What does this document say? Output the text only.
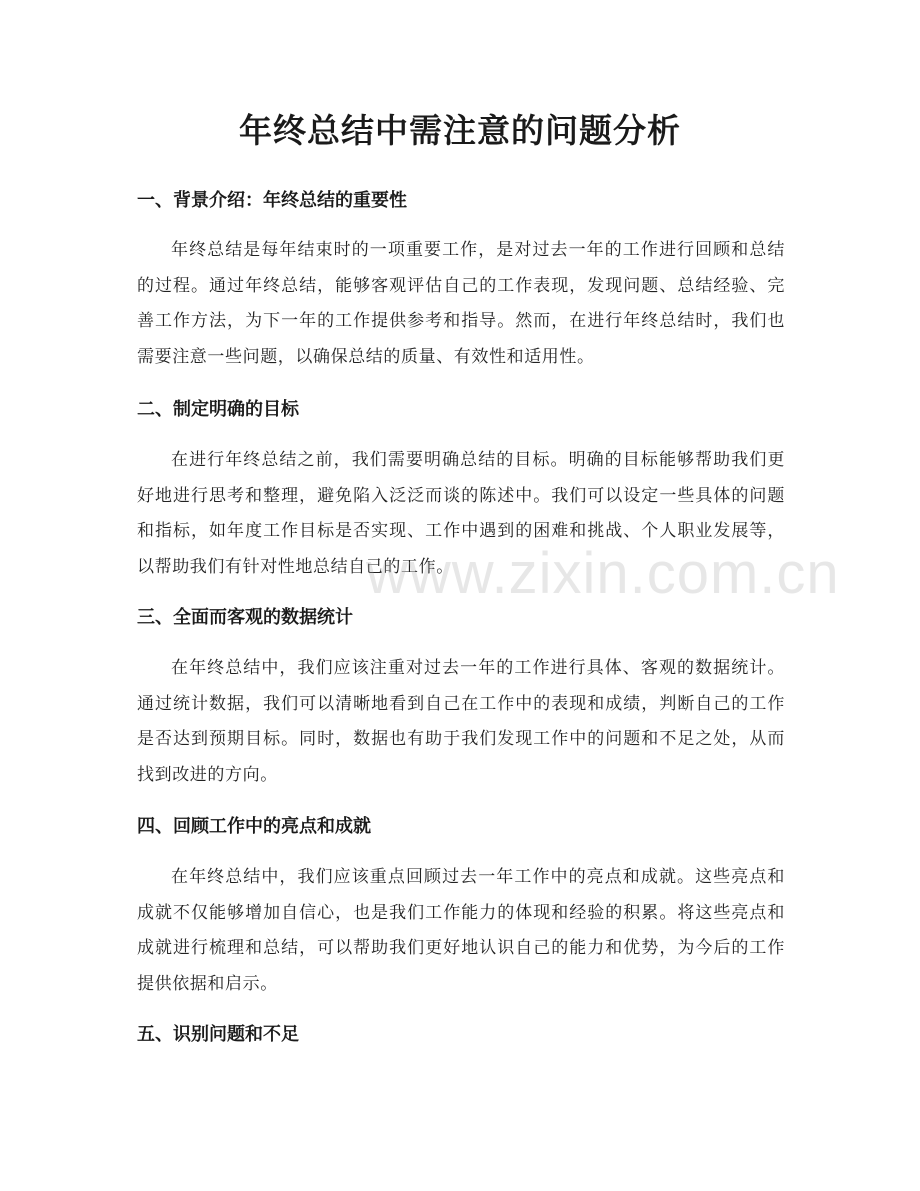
年终总结中需注意的问题分析
一、背景介绍：年终总结的重要性

年终总结是每年结束时的一项重要工作，是对过去一年的工作进行回顾和总结的过程。通过年终总结，能够客观评估自己的工作表现，发现问题、总结经验、完善工作方法，为下一年的工作提供参考和指导。然而，在进行年终总结时，我们也需要注意一些问题，以确保总结的质量、有效性和适用性。

二、制定明确的目标

在进行年终总结之前，我们需要明确总结的目标。明确的目标能够帮助我们更好地进行思考和整理，避免陷入泛泛而谈的陈述中。我们可以设定一些具体的问题和指标，如年度工作目标是否实现、工作中遇到的困难和挑战、个人职业发展等，以帮助我们有针对性地总结自己的工作。

三、全面而客观的数据统计

在年终总结中，我们应该注重对过去一年的工作进行具体、客观的数据统计。通过统计数据，我们可以清晰地看到自己在工作中的表现和成绩，判断自己的工作是否达到预期目标。同时，数据也有助于我们发现工作中的问题和不足之处，从而找到改进的方向。

四、回顾工作中的亮点和成就

在年终总结中，我们应该重点回顾过去一年工作中的亮点和成就。这些亮点和成就不仅能够增加自信心，也是我们工作能力的体现和经验的积累。将这些亮点和成就进行梳理和总结，可以帮助我们更好地认识自己的能力和优势，为今后的工作提供依据和启示。

五、识别问题和不足
www.zixin.com.cn
